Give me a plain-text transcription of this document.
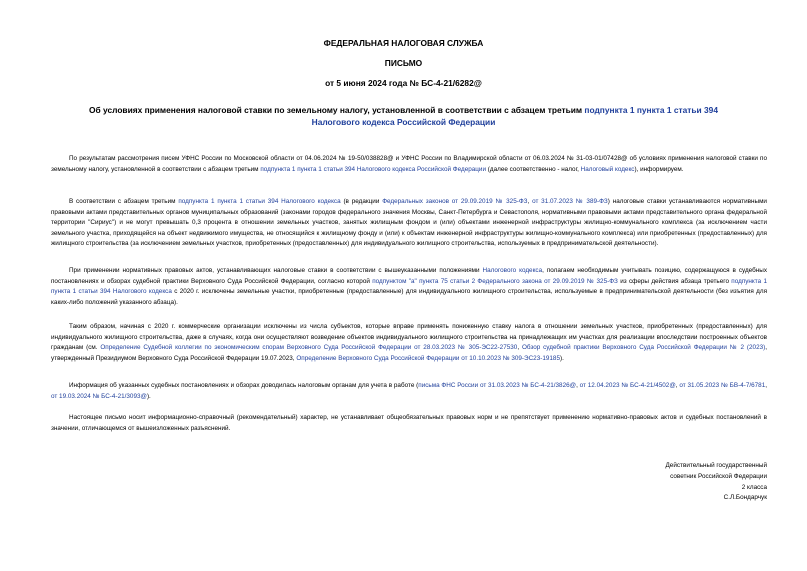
ФЕДЕРАЛЬНАЯ НАЛОГОВАЯ СЛУЖБА
ПИСЬМО
от 5 июня 2024 года № БС-4-21/6282@
Об условиях применения налоговой ставки по земельному налогу, установленной в соответствии с абзацем третьим подпункта 1 пункта 1 статьи 394 Налогового кодекса Российской Федерации

По результатам рассмотрения писем УФНС России по Московской области от 04.06.2024 № 19-50/038828@ и УФНС России по Владимирской области от 06.03.2024 № 31-03-01/07428@ об условиях применения налоговой ставки по земельному налогу, установленной в соответствии с абзацем третьим подпункта 1 пункта 1 статьи 394 Налогового кодекса Российской Федерации (далее соответственно - налог, Налоговый кодекс), информируем.

В соответствии с абзацем третьим подпункта 1 пункта 1 статьи 394 Налогового кодекса (в редакции Федеральных законов от 29.09.2019 № 325-ФЗ, от 31.07.2023 № 389-ФЗ) налоговые ставки устанавливаются нормативными правовыми актами представительных органов муниципальных образований (законами городов федерального значения Москвы, Санкт-Петербурга и Севастополя, нормативными правовыми актами представительного органа федеральной территории "Сириус") и не могут превышать 0,3 процента в отношении земельных участков, занятых жилищным фондом и (или) объектами инженерной инфраструктуры жилищно-коммунального комплекса (за исключением части земельного участка, приходящейся на объект недвижимого имущества, не относящийся к жилищному фонду и (или) к объектам инженерной инфраструктуры жилищно-коммунального комплекса) или приобретенных (предоставленных) для жилищного строительства (за исключением земельных участков, приобретенных (предоставленных) для индивидуального жилищного строительства, используемых в предпринимательской деятельности).

При применении нормативных правовых актов, устанавливающих налоговые ставки в соответствии с вышеуказанными положениями Налогового кодекса, полагаем необходимым учитывать позицию, содержащуюся в судебных постановлениях и обзорах судебной практики Верховного Суда Российской Федерации, согласно которой подпунктом "а" пункта 75 статьи 2 Федерального закона от 29.09.2019 № 325-ФЗ из сферы действия абзаца третьего подпункта 1 пункта 1 статьи 394 Налогового кодекса с 2020 г. исключены земельные участки, приобретенные (предоставленные) для индивидуального жилищного строительства, используемые в предпринимательской деятельности (без изъятия для каких-либо положений указанного абзаца).

Таким образом, начиная с 2020 г. коммерческие организации исключены из числа субъектов, которые вправе применять пониженную ставку налога в отношении земельных участков, приобретенных (предоставленных) для индивидуального жилищного строительства, даже в случаях, когда они осуществляют возведение объектов индивидуального жилищного строительства на принадлежащих им участках для реализации впоследствии построенных объектов гражданам (см. Определение Судебной коллегии по экономическим спорам Верховного Суда Российской Федерации от 28.03.2023 № 305-ЭС22-27530, Обзор судебной практики Верховного Суда Российской Федерации № 2 (2023), утвержденный Президиумом Верховного Суда Российской Федерации 19.07.2023, Определение Верховного Суда Российской Федерации от 10.10.2023 № 309-ЭС23-19185).

Информация об указанных судебных постановлениях и обзорах доводилась налоговым органам для учета в работе (письма ФНС России от 31.03.2023 № БС-4-21/3826@, от 12.04.2023 № БС-4-21/4502@, от 31.05.2023 № БВ-4-7/6781, от 19.03.2024 № БС-4-21/3093@).

Настоящее письмо носит информационно-справочный (рекомендательный) характер, не устанавливает общеобязательных правовых норм и не препятствует применению нормативно-правовых актов и судебных постановлений в значении, отличающемся от вышеизложенных разъяснений.

Действительный государственный
советник Российской Федерации
2 класса
С.Л.Бондарчук
